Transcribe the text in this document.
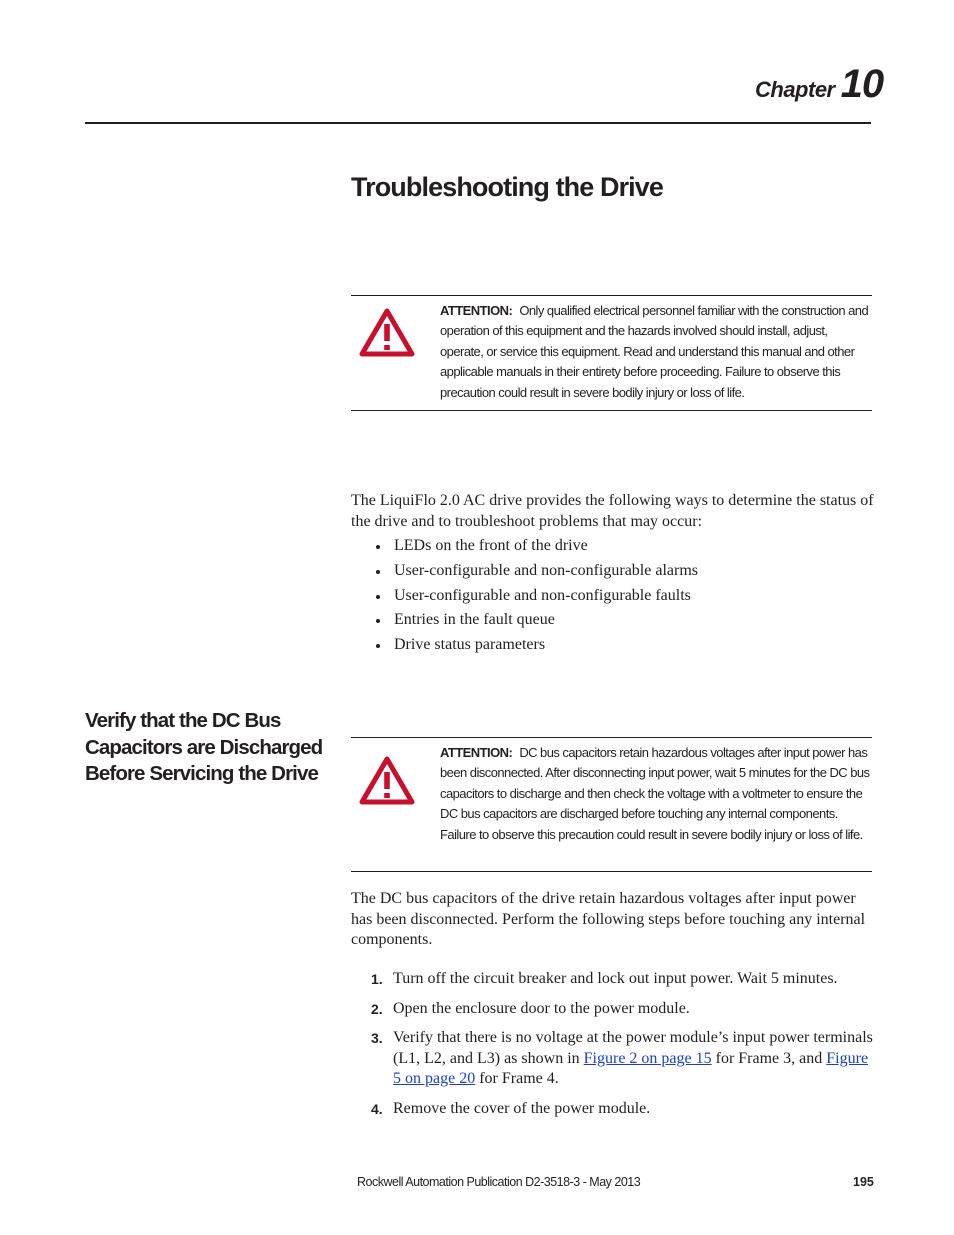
Chapter 10
Troubleshooting the Drive
ATTENTION: Only qualified electrical personnel familiar with the construction and operation of this equipment and the hazards involved should install, adjust, operate, or service this equipment. Read and understand this manual and other applicable manuals in their entirety before proceeding. Failure to observe this precaution could result in severe bodily injury or loss of life.

The LiquiFlo 2.0 AC drive provides the following ways to determine the status of the drive and to troubleshoot problems that may occur:

LEDs on the front of the drive
User-configurable and non-configurable alarms
User-configurable and non-configurable faults
Entries in the fault queue
Drive status parameters
Verify that the DC Bus Capacitors are Discharged Before Servicing the Drive
ATTENTION: DC bus capacitors retain hazardous voltages after input power has been disconnected. After disconnecting input power, wait 5 minutes for the DC bus capacitors to discharge and then check the voltage with a voltmeter to ensure the DC bus capacitors are discharged before touching any internal components. Failure to observe this precaution could result in severe bodily injury or loss of life.

The DC bus capacitors of the drive retain hazardous voltages after input power has been disconnected. Perform the following steps before touching any internal components.

1. Turn off the circuit breaker and lock out input power. Wait 5 minutes.
2. Open the enclosure door to the power module.
3. Verify that there is no voltage at the power module’s input power terminals (L1, L2, and L3) as shown in Figure 2 on page 15 for Frame 3, and Figure 5 on page 20 for Frame 4.
4. Remove the cover of the power module.
Rockwell Automation Publication D2-3518-3 - May 2013	195
